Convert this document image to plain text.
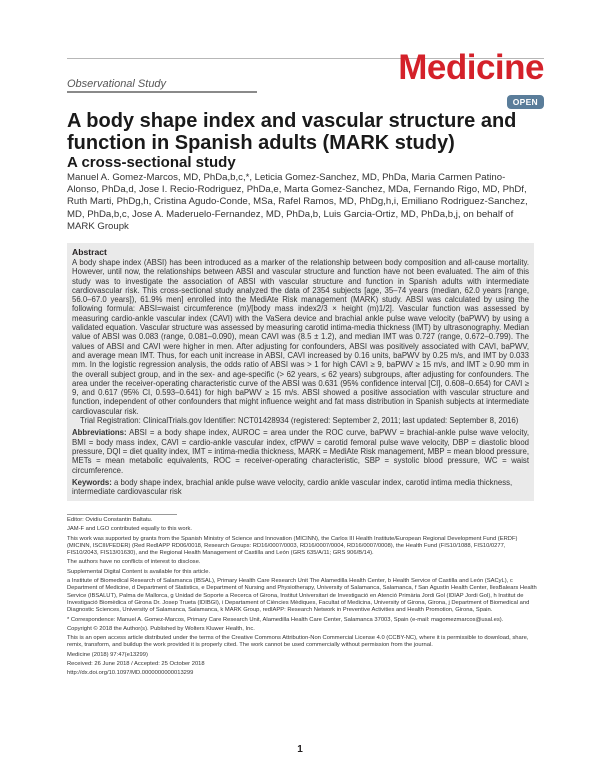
Observational Study	Medicine
OPEN
A body shape index and vascular structure and function in Spanish adults (MARK study)
A cross-sectional study
Manuel A. Gomez-Marcos, MD, PhDa,b,c,*, Leticia Gomez-Sanchez, MD, PhDa, Maria Carmen Patino-Alonso, PhDa,d, Jose I. Recio-Rodriguez, PhDa,e, Marta Gomez-Sanchez, MDa, Fernando Rigo, MD, PhDf, Ruth Marti, PhDg,h, Cristina Agudo-Conde, MSa, Rafel Ramos, MD, PhDg,h,i, Emiliano Rodriguez-Sanchez, MD, PhDa,b,c, Jose A. Maderuelo-Fernandez, MD, PhDa,b, Luis Garcia-Ortiz, MD, PhDa,b,j, on behalf of MARK Groupk
Abstract
A body shape index (ABSI) has been introduced as a marker of the relationship between body composition and all-cause mortality. However, until now, the relationships between ABSI and vascular structure and function have not been evaluated. The aim of this study was to investigate the association of ABSI with vascular structure and function in Spanish adults with intermediate cardiovascular risk. This cross-sectional study analyzed the data of 2354 subjects [age, 35–74 years (median, 62.0 years [range, 56.0–67.0 years]), 61.9% men] enrolled into the MediAte Risk management (MARK) study. ABSI was calculated by using the following formula: ABSI=waist circumference (m)/[body mass index2/3 × height (m)1/2]. Vascular function was assessed by measuring cardio-ankle vascular index (CAVI) with the VaSera device and brachial ankle pulse wave velocity (baPWV) by using a validated equation. Vascular structure was assessed by measuring carotid intima-media thickness (IMT) by ultrasonography. Median value of ABSI was 0.083 (range, 0.081–0.090), mean CAVI was (8.5 ± 1.2), and median IMT was 0.727 (range, 0.672–0.799). The values of ABSI and CAVI were higher in men. After adjusting for confounders, ABSI was positively associated with CAVI, baPWV, and average mean IMT. Thus, for each unit increase in ABSI, CAVI increased by 0.16 units, baPWV by 0.25 m/s, and IMT by 0.033 mm. In the logistic regression analysis, the odds ratio of ABSI was > 1 for high CAVI ≥ 9, baPWV ≥ 15 m/s, and IMT ≥ 0.90 mm in the overall subject group, and in the sex- and age-specific (> 62 years, ≤ 62 years) subgroups, after adjusting for confounders. The area under the receiver-operating characteristic curve of the ABSI was 0.631 (95% confidence interval [CI], 0.608–0.654) for CAVI ≥ 9, and 0.617 (95% CI, 0.593–0.641) for high baPWV ≥ 15 m/s. ABSI showed a positive association with vascular structure and function, independent of other confounders that might influence weight and fat mass distribution in Spanish subjects at intermediate cardiovascular risk.
Trial Registration: ClinicalTrials.gov Identifier: NCT01428934 (registered: September 2, 2011; last updated: September 8, 2016)
Abbreviations: ABSI = a body shape index, AUROC = area under the ROC curve, baPWV = brachial-ankle pulse wave velocity, BMI = body mass index, CAVI = cardio-ankle vascular index, cfPWV = carotid femoral pulse wave velocity, DBP = diastolic blood pressure, DQI = diet quality index, IMT = intima-media thickness, MARK = MediAte Risk management, MBP = mean blood pressure, METs = mean metabolic equivalents, ROC = receiver-operating characteristic, SBP = systolic blood pressure, WC = waist circumference.
Keywords: a body shape index, brachial ankle pulse wave velocity, cardio ankle vascular index, carotid intima media thickness, intermediate cardiovascular risk

Editor: Ovidiu Constantin Baltatu.

JAM-F and LGO contributed equally to this work.

This work was supported by grants from the Spanish Ministry of Science and Innovation (MICINN), the Carlos III Health Institute/European Regional Development Fund (ERDF) (MICINN, ISCIII/FEDER) (Red RedIAPP RD06/0018, Research Groups: RD16/0007/0003, RD16/0007/0004, RD16/0007/0008), the Health Fund (FIS10/1088, FIS10/0277, FIS10/2043, FIS13/01630), and the Regional Health Management of Castilla and León (GRS 635/A/11; GRS 906/B/14).

The authors have no conflicts of interest to disclose.

Supplemental Digital Content is available for this article.

a Institute of Biomedical Research of Salamanca (IBSAL), Primary Health Care Research Unit The Alamedilla Health Center, b Health Service of Castilla and León (SACyL), c Department of Medicine, d Department of Statistics, e Department of Nursing and Physiotherapy, University of Salamanca, Salamanca, f San Agustín Health Center, IlesBalears Health Service (IBSALUT), Palma de Mallorca, g Unidad de Soporte a Recerca of Girona, Institut Universitari de Investigació en Atenció Primària Jordi Gol (IDIAP Jordi Gol), h Institut de Investigació Biomèdica of Girona Dr. Josep Trueta (IDIBGI), i Departament of Ciències Mèdiques, Facultat of Medicina, University of Girona, Girona, j Department of Biomedical and Diagnostic Sciences, University of Salamanca, Salamanca, k MARK Group, redIAPP: Research Network in Preventive Activities and Health Promotion, Girona, Spain.

* Correspondence: Manuel A. Gomez-Marcos, Primary Care Research Unit, Alamedilla Health Care Center, Salamanca 37003, Spain (e-mail: magomezmarcos@usal.es).

Copyright © 2018 the Author(s). Published by Wolters Kluwer Health, Inc.

This is an open access article distributed under the terms of the Creative Commons Attribution-Non Commercial License 4.0 (CCBY-NC), where it is permissible to download, share, remix, transform, and buildup the work provided it is properly cited. The work cannot be used commercially without permission from the journal.

Medicine (2018) 97:47(e13299)

Received: 26 June 2018 / Accepted: 25 October 2018

http://dx.doi.org/10.1097/MD.0000000000013299

1
